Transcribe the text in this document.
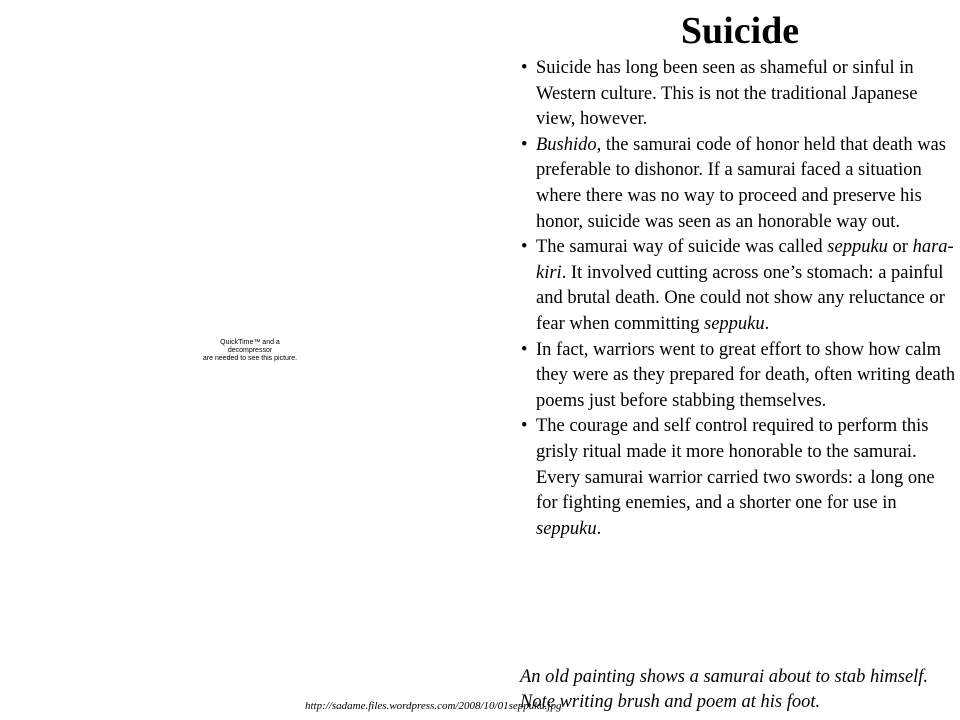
Suicide
• Suicide has long been seen as shameful or sinful in Western culture. This is not the traditional Japanese view, however.
• Bushido, the samurai code of honor held that death was preferable to dishonor. If a samurai faced a situation where there was no way to proceed and preserve his honor, suicide was seen as an honorable way out.
• The samurai way of suicide was called seppuku or hara-kiri. It involved cutting across one’s stomach: a painful and brutal death. One could not show any reluctance or fear when committing seppuku.
• In fact, warriors went to great effort to show how calm they were as they prepared for death, often writing death poems just before stabbing themselves.
• The courage and self control required to perform this grisly ritual made it more honorable to the samurai. Every samurai warrior carried two swords: a long one for fighting enemies, and a shorter one for use in seppuku.

An old painting shows a samurai about to stab himself. Note writing brush and poem at his foot.

QuickTime™ and a
decompressor
are needed to see this picture.
http://sadame.files.wordpress.com/2008/10/01seppuku.jpg
